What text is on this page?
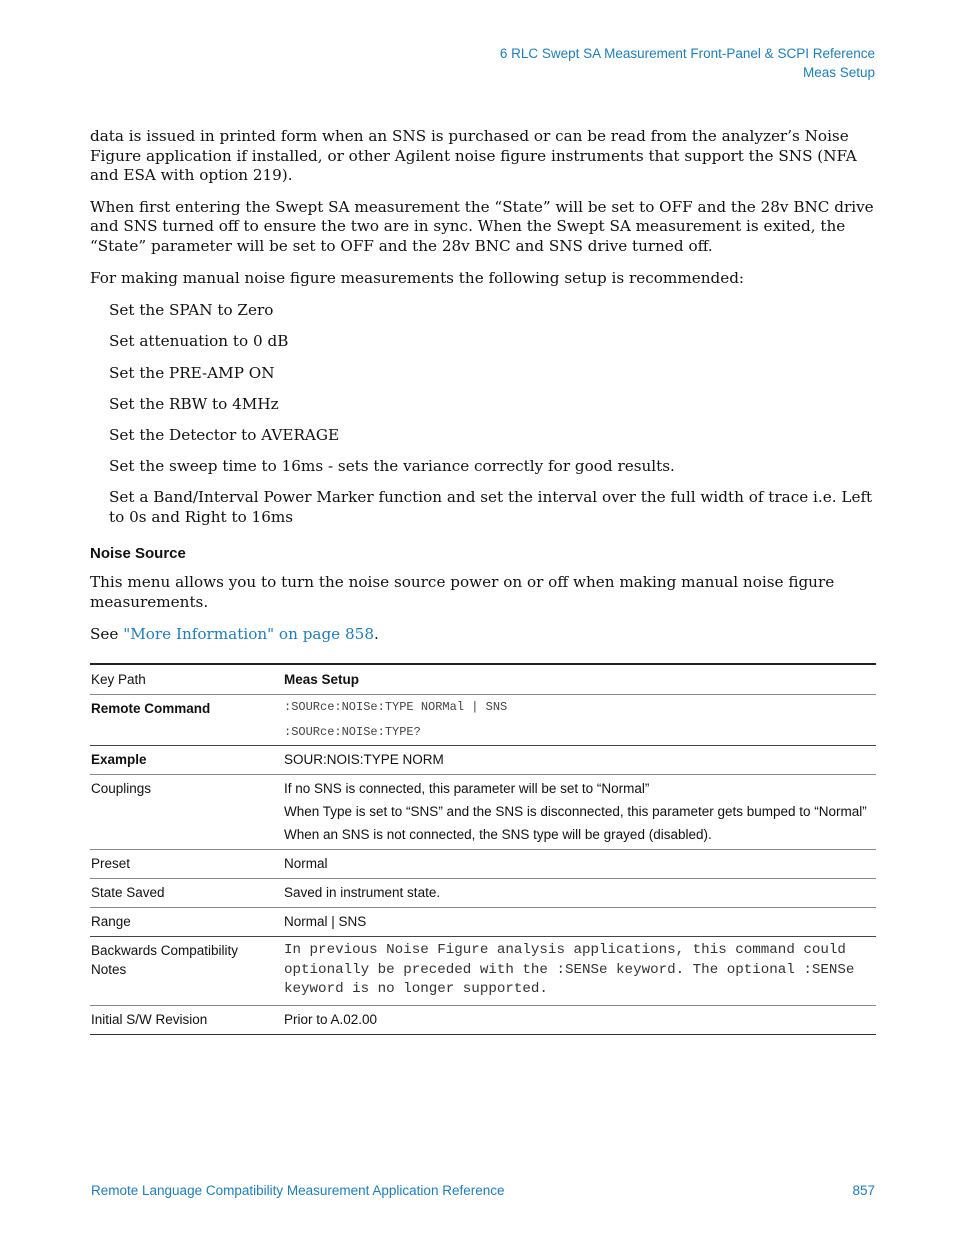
6 RLC Swept SA Measurement Front-Panel & SCPI Reference
Meas Setup

data is issued in printed form when an SNS is purchased or can be read from the analyzer’s Noise Figure application if installed, or other Agilent noise figure instruments that support the SNS (NFA and ESA with option 219).

When first entering the Swept SA measurement the “State” will be set to OFF and the 28v BNC drive and SNS turned off to ensure the two are in sync. When the Swept SA measurement is exited, the “State” parameter will be set to OFF and the 28v BNC and SNS drive turned off.

For making manual noise figure measurements the following setup is recommended:

Set the SPAN to Zero

Set attenuation to 0 dB

Set the PRE-AMP ON

Set the RBW to 4MHz

Set the Detector to AVERAGE

Set the sweep time to 16ms - sets the variance correctly for good results.

Set a Band/Interval Power Marker function and set the interval over the full width of trace i.e. Left to 0s and Right to 16ms

Noise Source

This menu allows you to turn the noise source power on or off when making manual noise figure measurements.

See "More Information" on page 858.

Key Path	Meas Setup
Remote Command	:SOURce:NOISe:TYPE NORMal | SNS
:SOURce:NOISe:TYPE?

Example	SOUR:NOIS:TYPE NORM
Couplings	If no SNS is connected, this parameter will be set to “Normal”
When Type is set to “SNS” and the SNS is disconnected, this parameter gets bumped to “Normal”
When an SNS is not connected, the SNS type will be grayed (disabled).

Preset	Normal
State Saved	Saved in instrument state.
Range	Normal | SNS
Backwards Compatibility Notes	In previous Noise Figure analysis applications, this command could optionally be preceded with the :SENSe keyword. The optional :SENSe keyword is no longer supported.

Initial S/W Revision	Prior to A.02.00
Remote Language Compatibility Measurement Application Reference	857
